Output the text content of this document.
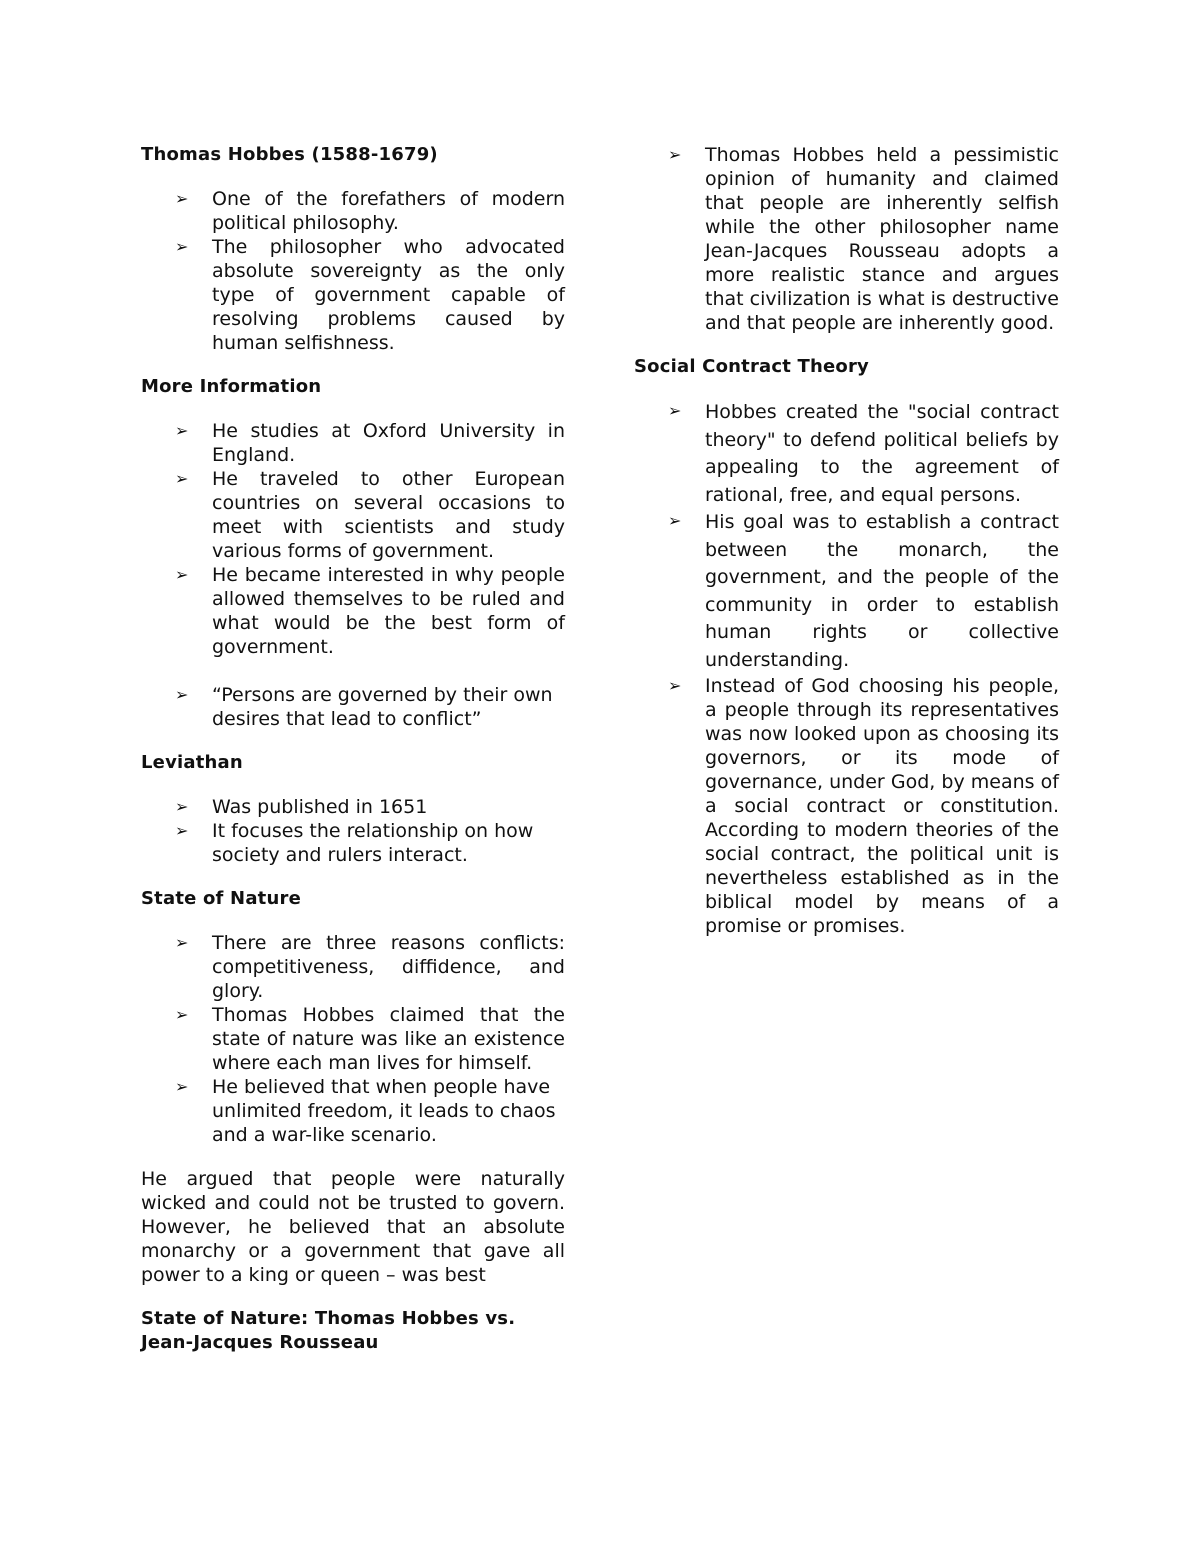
Thomas Hobbes (1588-1679)

➢ One of the forefathers of modern political philosophy.
➢ The philosopher who advocated absolute sovereignty as the only type of government capable of resolving problems caused by human selfishness.

More Information

➢ He studies at Oxford University in England.
➢ He traveled to other European countries on several occasions to meet with scientists and study various forms of government.
➢ He became interested in why people allowed themselves to be ruled and what would be the best form of government.
➢ “Persons are governed by their own desires that lead to conflict”

Leviathan

➢ Was published in 1651
➢ It focuses the relationship on how society and rulers interact.

State of Nature

➢ There are three reasons conflicts: competitiveness, diffidence, and glory.
➢ Thomas Hobbes claimed that the state of nature was like an existence where each man lives for himself.
➢ He believed that when people have unlimited freedom, it leads to chaos and a war-like scenario.

He argued that people were naturally wicked and could not be trusted to govern. However, he believed that an absolute monarchy or a government that gave all power to a king or queen – was best

State of Nature: Thomas Hobbes vs. Jean-Jacques Rousseau

➢ Thomas Hobbes held a pessimistic opinion of humanity and claimed that people are inherently selfish while the other philosopher name Jean-Jacques Rousseau adopts a more realistic stance and argues that civilization is what is destructive and that people are inherently good.

Social Contract Theory

➢ Hobbes created the "social contract theory" to defend political beliefs by appealing to the agreement of rational, free, and equal persons.
➢ His goal was to establish a contract between the monarch, the government, and the people of the community in order to establish human rights or collective understanding.
➢ Instead of God choosing his people, a people through its representatives was now looked upon as choosing its governors, or its mode of governance, under God, by means of a social contract or constitution. According to modern theories of the social contract, the political unit is nevertheless established as in the biblical model by means of a promise or promises.
